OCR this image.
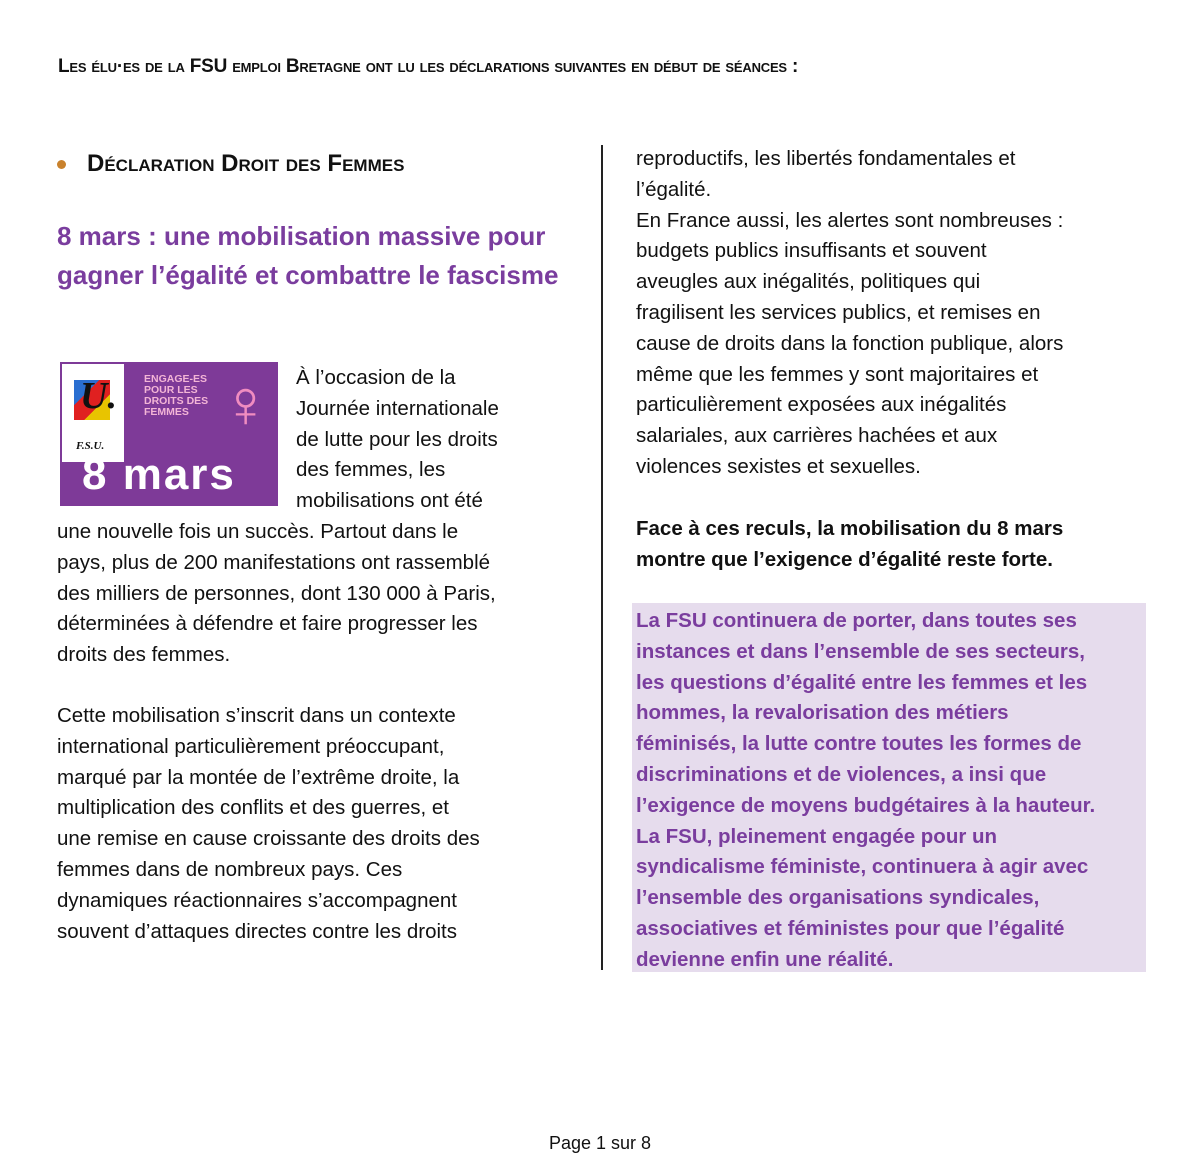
Les élu·es de la FSU emploi Bretagne ont lu les déclarations suivantes en début de séances :
Déclaration Droit des Femmes
8 mars : une mobilisation massive pour gagner l’égalité et combattre le fascisme
U.
F.S.U.
ENGAGE-ES
POUR LES
DROITS DES
FEMMES ♀
8 mars
À l’occasion de la
Journée internationale
de lutte pour les droits
des femmes, les
mobilisations ont été
une nouvelle fois un succès. Partout dans le
pays, plus de 200 manifestations ont rassemblé
des milliers de personnes, dont 130 000 à Paris,
déterminées à défendre et faire progresser les
droits des femmes.
Cette mobilisation s’inscrit dans un contexte
international particulièrement préoccupant,
marqué par la montée de l’extrême droite, la
multiplication des conflits et des guerres, et
une remise en cause croissante des droits des
femmes dans de nombreux pays. Ces
dynamiques réactionnaires s’accompagnent
souvent d’attaques directes contre les droits
reproductifs, les libertés fondamentales et
l’égalité.
En France aussi, les alertes sont nombreuses :
budgets publics insuffisants et souvent
aveugles aux inégalités, politiques qui
fragilisent les services publics, et remises en
cause de droits dans la fonction publique, alors
même que les femmes y sont majoritaires et
particulièrement exposées aux inégalités
salariales, aux carrières hachées et aux
violences sexistes et sexuelles.
Face à ces reculs, la mobilisation du 8 mars
montre que l’exigence d’égalité reste forte.
La FSU continuera de porter, dans toutes ses
instances et dans l’ensemble de ses secteurs,
les questions d’égalité entre les femmes et les
hommes, la revalorisation des métiers
féminisés, la lutte contre toutes les formes de
discriminations et de violences, a insi que
l’exigence de moyens budgétaires à la hauteur.
La FSU, pleinement engagée pour un
syndicalisme féministe, continuera à agir avec
l’ensemble des organisations syndicales,
associatives et féministes pour que l’égalité
devienne enfin une réalité.
Page 1 sur 8
